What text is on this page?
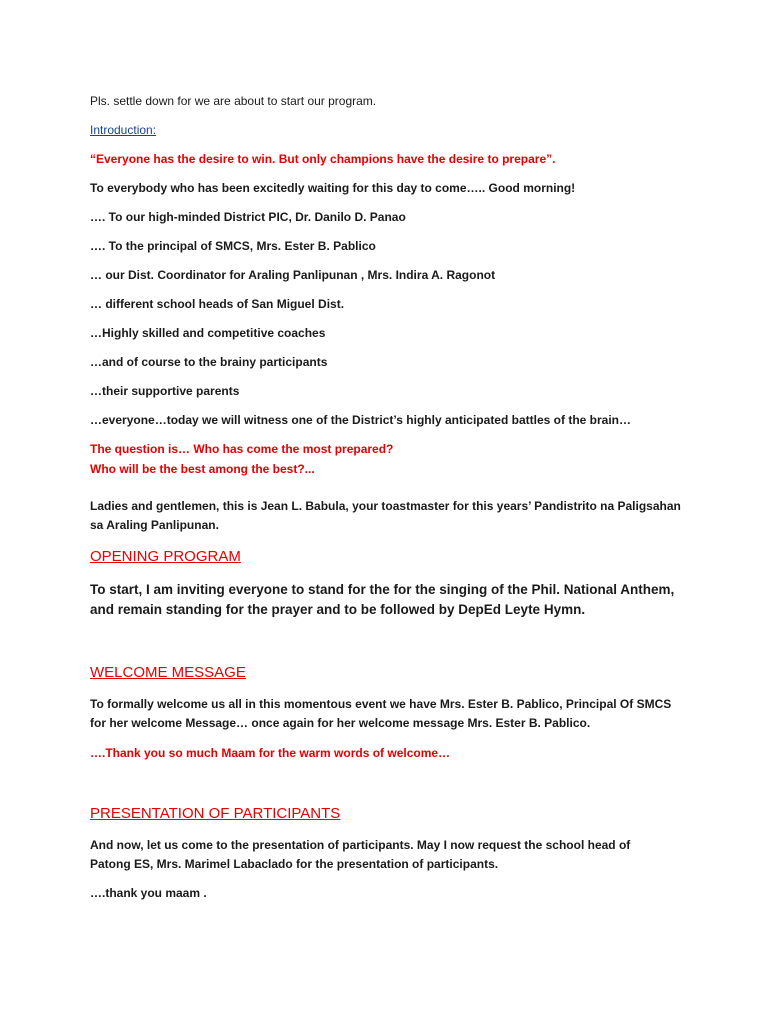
Pls. settle down for we are about to start our program.

Introduction:

“Everyone has the desire to win. But only champions have the desire to prepare”.

To everybody who has been excitedly waiting for this day to come….. Good morning!

…. To our high-minded District PIC, Dr. Danilo D. Panao

…. To the principal of SMCS, Mrs. Ester B. Pablico

… our Dist. Coordinator for Araling Panlipunan , Mrs. Indira A. Ragonot

… different school heads of San Miguel Dist.

…Highly skilled and competitive coaches

…and of course to the brainy participants

…their supportive parents

…everyone…today we will witness one of the District’s highly anticipated battles of the brain…

The question is… Who has come the most prepared?

Who will be the best among the best?...

Ladies and gentlemen, this is Jean L. Babula, your toastmaster for this years’ Pandistrito na Paligsahan

sa Araling Panlipunan.

OPENING PROGRAM

To start, I am inviting everyone to stand for the for the singing of the Phil. National Anthem,

and remain standing for the prayer and to be followed by DepEd Leyte Hymn.

WELCOME MESSAGE

To formally welcome us all in this momentous event we have Mrs. Ester B. Pablico, Principal Of SMCS

for her welcome Message… once again for her welcome message Mrs. Ester B. Pablico.

….Thank you so much Maam for the warm words of welcome…

PRESENTATION OF PARTICIPANTS

And now, let us come to the presentation of participants. May I now request the school head of

Patong ES, Mrs. Marimel Labaclado for the presentation of participants.

….thank you maam .
